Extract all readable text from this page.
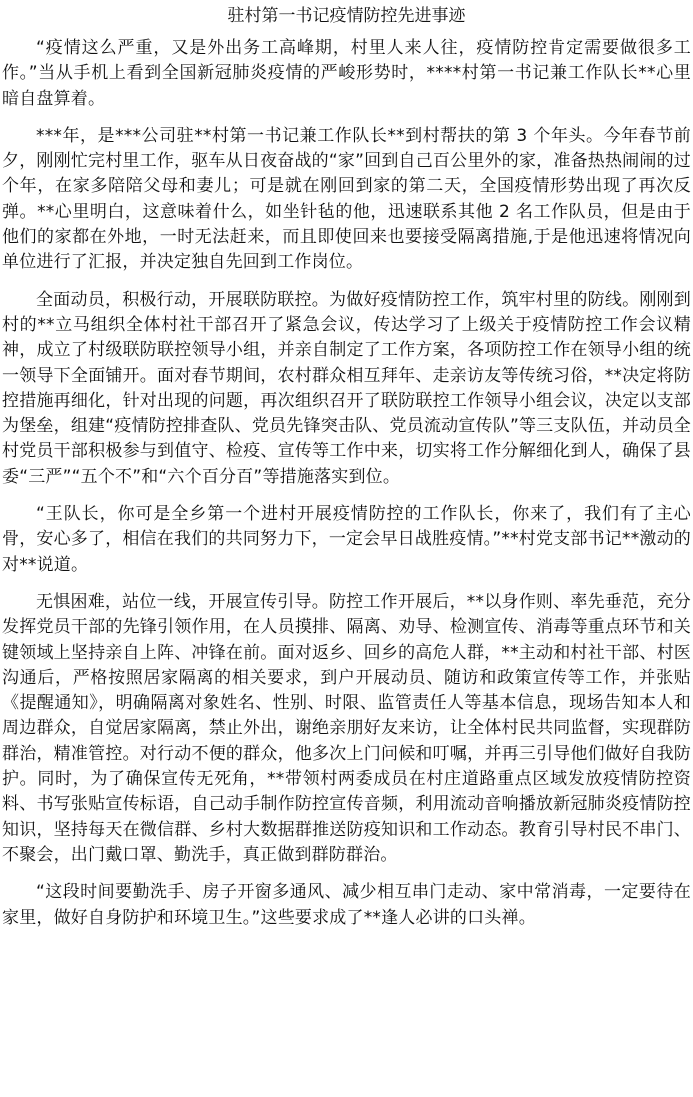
驻村第一书记疫情防控先进事迹

“疫情这么严重，又是外出务工高峰期，村里人来人往，疫情防控肯定需要做很多工作。”当从手机上看到全国新冠肺炎疫情的严峻形势时，****村第一书记兼工作队长**心里暗自盘算着。

***年，是***公司驻**村第一书记兼工作队长**到村帮扶的第 3 个年头。今年春节前夕，刚刚忙完村里工作，驱车从日夜奋战的“家”回到自己百公里外的家，准备热热闹闹的过个年，在家多陪陪父母和妻儿；可是就在刚回到家的第二天，全国疫情形势出现了再次反弹。**心里明白，这意味着什么，如坐针毡的他，迅速联系其他 2 名工作队员，但是由于他们的家都在外地，一时无法赶来，而且即使回来也要接受隔离措施,于是他迅速将情况向单位进行了汇报，并决定独自先回到工作岗位。

全面动员，积极行动，开展联防联控。为做好疫情防控工作，筑牢村里的防线。刚刚到村的**立马组织全体村社干部召开了紧急会议，传达学习了上级关于疫情防控工作会议精神，成立了村级联防联控领导小组，并亲自制定了工作方案，各项防控工作在领导小组的统一领导下全面铺开。面对春节期间，农村群众相互拜年、走亲访友等传统习俗，**决定将防控措施再细化，针对出现的问题，再次组织召开了联防联控工作领导小组会议，决定以支部为堡垒，组建“疫情防控排查队、党员先锋突击队、党员流动宣传队”等三支队伍，并动员全村党员干部积极参与到值守、检疫、宣传等工作中来，切实将工作分解细化到人，确保了县委“三严”“五个不”和“六个百分百”等措施落实到位。

“王队长，你可是全乡第一个进村开展疫情防控的工作队长，你来了，我们有了主心骨，安心多了，相信在我们的共同努力下，一定会早日战胜疫情。”**村党支部书记**激动的对**说道。

无惧困难，站位一线，开展宣传引导。防控工作开展后，**以身作则、率先垂范，充分发挥党员干部的先锋引领作用，在人员摸排、隔离、劝导、检测宣传、消毒等重点环节和关键领域上坚持亲自上阵、冲锋在前。面对返乡、回乡的高危人群，**主动和村社干部、村医沟通后，严格按照居家隔离的相关要求，到户开展动员、随访和政策宣传等工作，并张贴《提醒通知》，明确隔离对象姓名、性别、时限、监管责任人等基本信息，现场告知本人和周边群众，自觉居家隔离，禁止外出，谢绝亲朋好友来访，让全体村民共同监督，实现群防群治，精准管控。对行动不便的群众，他多次上门问候和叮嘱，并再三引导他们做好自我防护。同时，为了确保宣传无死角，**带领村两委成员在村庄道路重点区域发放疫情防控资料、书写张贴宣传标语，自己动手制作防控宣传音频，利用流动音响播放新冠肺炎疫情防控知识，坚持每天在微信群、乡村大数据群推送防疫知识和工作动态。教育引导村民不串门、不聚会，出门戴口罩、勤洗手，真正做到群防群治。

“这段时间要勤洗手、房子开窗多通风、减少相互串门走动、家中常消毒，一定要待在家里，做好自身防护和环境卫生。”这些要求成了**逢人必讲的口头禅。
